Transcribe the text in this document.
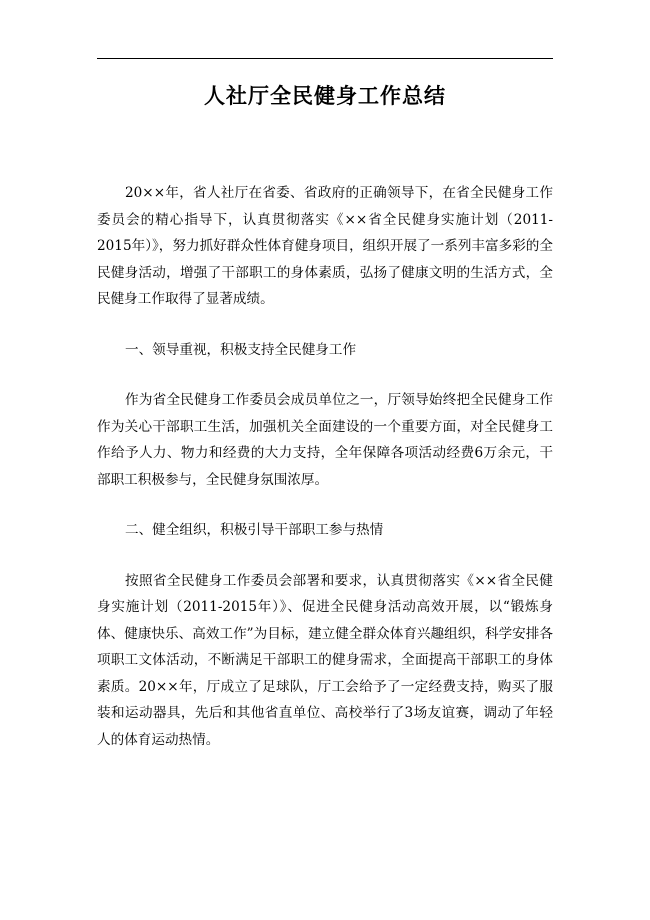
人社厅全民健身工作总结

20××年，省人社厅在省委、省政府的正确领导下，在省全民健身工作委员会的精心指导下，认真贯彻落实《××省全民健身实施计划（2011-2015年）》，努力抓好群众性体育健身项目，组织开展了一系列丰富多彩的全民健身活动，增强了干部职工的身体素质，弘扬了健康文明的生活方式，全民健身工作取得了显著成绩。

一、领导重视，积极支持全民健身工作

作为省全民健身工作委员会成员单位之一，厅领导始终把全民健身工作作为关心干部职工生活，加强机关全面建设的一个重要方面，对全民健身工作给予人力、物力和经费的大力支持，全年保障各项活动经费6万余元，干部职工积极参与，全民健身氛围浓厚。

二、健全组织，积极引导干部职工参与热情

按照省全民健身工作委员会部署和要求，认真贯彻落实《××省全民健身实施计划（2011-2015年）》、促进全民健身活动高效开展，以“锻炼身体、健康快乐、高效工作”为目标，建立健全群众体育兴趣组织，科学安排各项职工文体活动，不断满足干部职工的健身需求，全面提高干部职工的身体素质。20××年，厅成立了足球队，厅工会给予了一定经费支持，购买了服装和运动器具，先后和其他省直单位、高校举行了3场友谊赛，调动了年轻人的体育运动热情。
